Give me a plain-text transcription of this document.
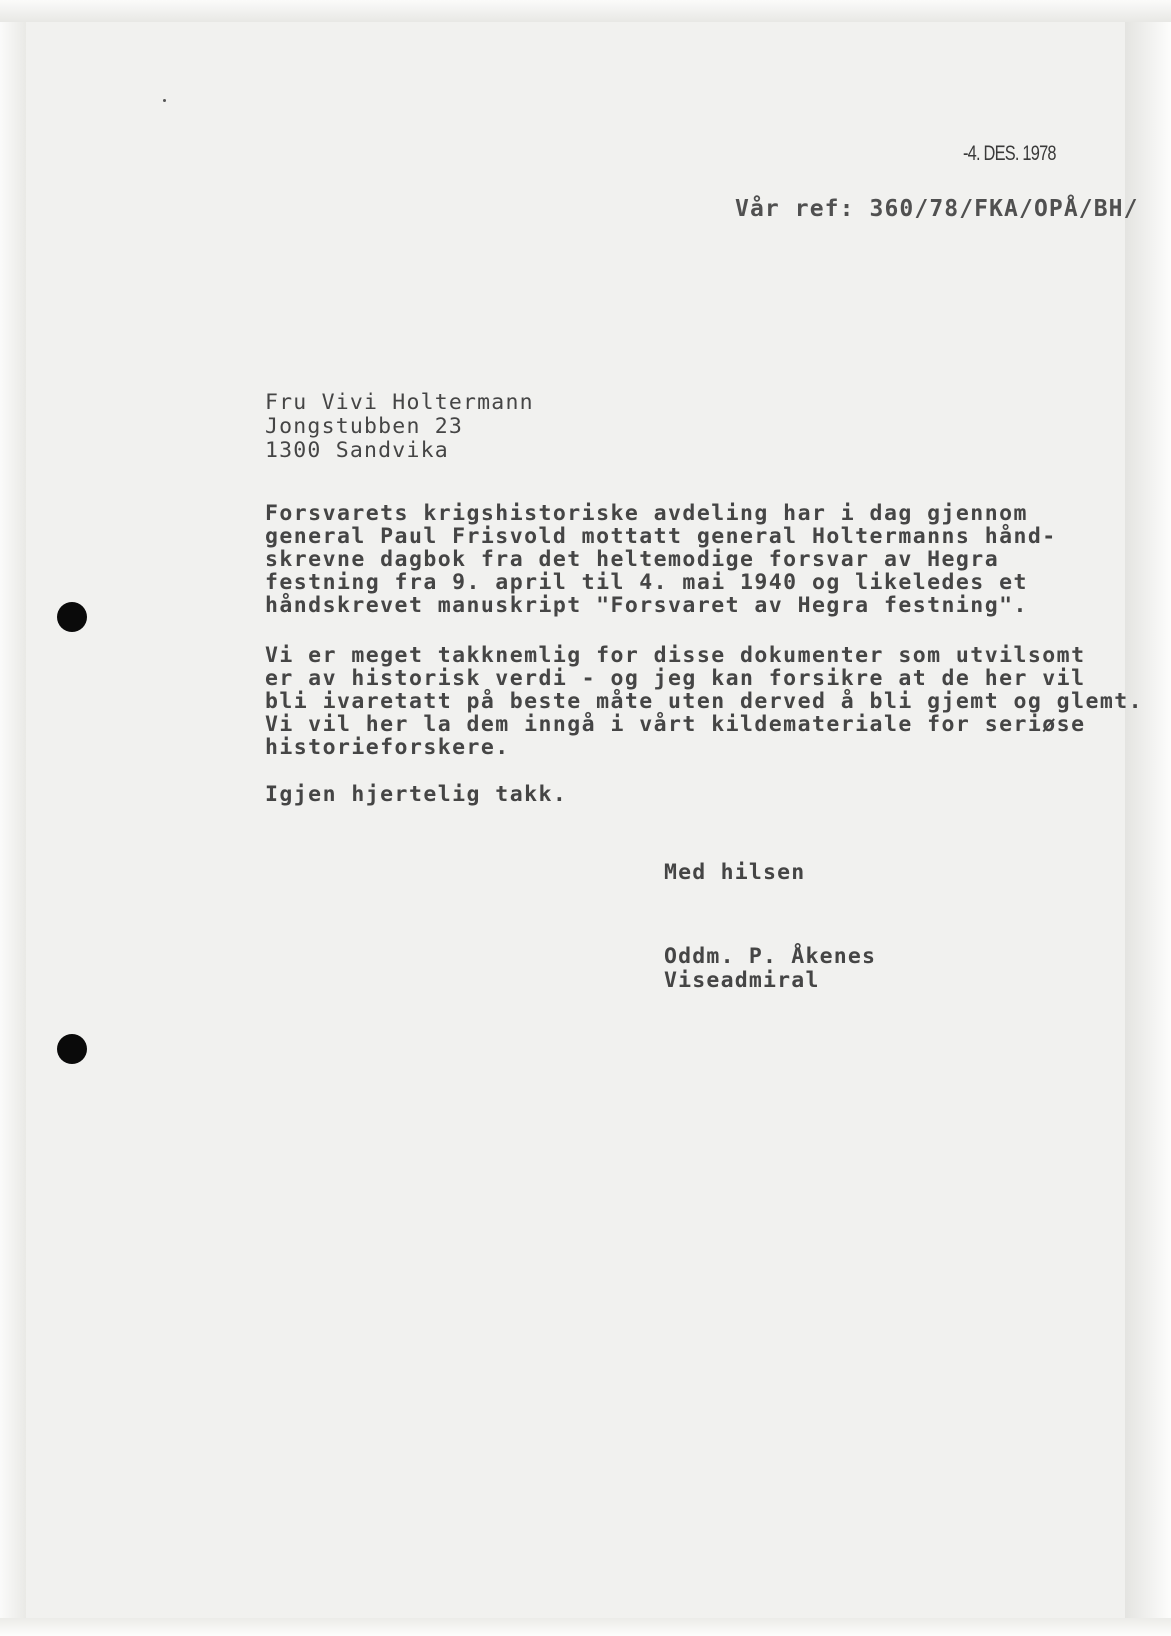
-4. DES. 1978
Vår ref: 360/78/FKA/OPÅ/BH/
Fru Vivi Holtermann
Jongstubben 23
1300 Sandvika
Forsvarets krigshistoriske avdeling har i dag gjennom
general Paul Frisvold mottatt general Holtermanns hånd-
skrevne dagbok fra det heltemodige forsvar av Hegra
festning fra 9. april til 4. mai 1940 og likeledes et
håndskrevet manuskript "Forsvaret av Hegra festning".
Vi er meget takknemlig for disse dokumenter som utvilsomt
er av historisk verdi - og jeg kan forsikre at de her vil
bli ivaretatt på beste måte uten derved å bli gjemt og glemt.
Vi vil her la dem inngå i vårt kildemateriale for seriøse
historieforskere.
Igjen hjertelig takk.
Med hilsen
Oddm. P. Åkenes
Viseadmiral
